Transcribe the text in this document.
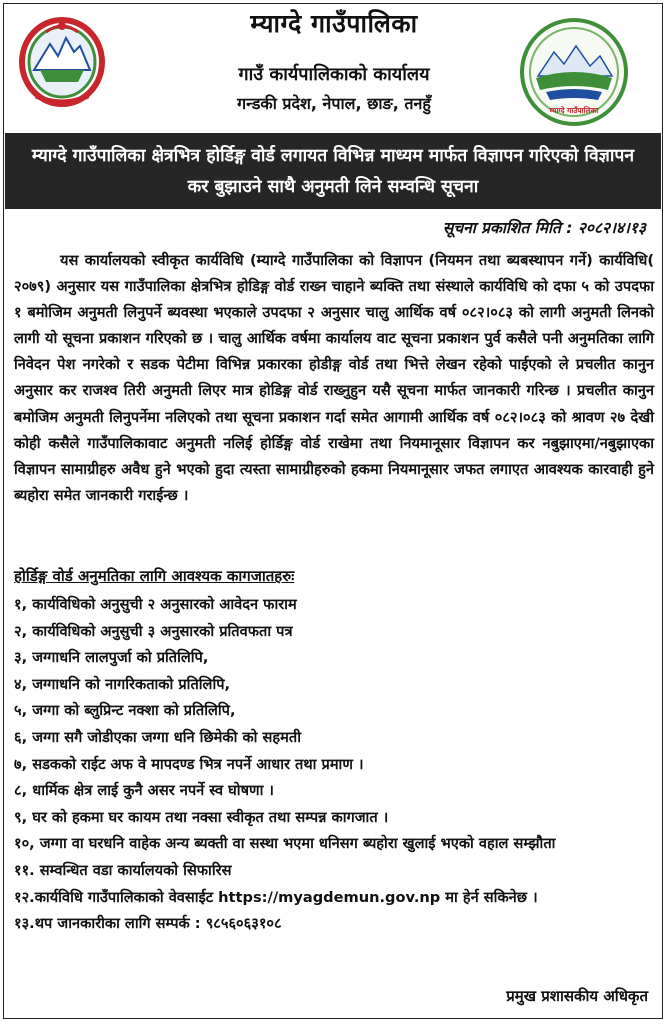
म्याग्दे गाउँपालिका
गाउँ कार्यपालिकाको कार्यालय
गन्डकी प्रदेश, नेपाल, छाङ, तनहुँ	म्याग्दे गाउँपालिका
म्याग्दे गाउँपालिका क्षेत्रभित्र होर्डिङ्ग वोर्ड लगायत विभिन्न माध्यम मार्फत विज्ञापन गरिएको विज्ञापन कर बुझाउने साथै अनुमती लिने सम्वन्धि सूचना
सूचना प्रकाशित मिति : २०८२।४।१३
यस कार्यालयको स्वीकृत कार्यविधि (म्याग्दे गाउँपालिका को विज्ञापन (नियमन तथा ब्यबस्थापन गर्ने) कार्यविधि( २०७९) अनुसार यस गाउँपालिका क्षेत्रभित्र होडिङ्ग वोर्ड राख्न चाहाने ब्यक्ति तथा संस्थाले कार्यविधि को दफा ५ को उपदफा १ बमोजिम अनुमती लिनुपर्ने ब्यवस्था भएकाले उपदफा २ अनुसार चालु आर्थिक वर्ष ०८२।०८३ को लागी अनुमती लिनको लागी यो सूचना प्रकाशन गरिएको छ । चालु आर्थिक वर्षमा कार्यालय वाट सूचना प्रकाशन पुर्व कसैले पनी अनुमतिका लागि निवेदन पेश नगरेको र सडक पेटीमा विभिन्न प्रकारका होडीङ्ग वोर्ड तथा भित्ते लेखन रहेको पाईएको ले प्रचलीत कानुन अनुसार कर राजश्व तिरी अनुमती लिएर मात्र होडिङ्ग वोर्ड राख्नुहुन यसै सूचना मार्फत जानकारी गरिन्छ । प्रचलीत कानुन बमोजिम अनुमती लिनुपर्नेमा नलिएको तथा सूचना प्रकाशन गर्दा समेत आगामी आर्थिक वर्ष ०८२।०८३ को श्रावण २७ देखी कोही कसैले गाउँपालिकावाट अनुमती नलिई होर्डिङ्ग वोर्ड राखेमा तथा नियमानूसार विज्ञापन कर नबुझाएमा/नबुझाएका विज्ञापन सामाग्रीहरु अवैध हुने भएको हुदा त्यस्ता सामाग्रीहरुको हकमा नियमानूसार जफत लगाएत आवश्यक कारवाही हुने ब्यहोरा समेत जानकारी गराईन्छ ।
होर्डिङ्ग वोर्ड अनुमतिका लागि आवश्यक कागजातहरुः
१, कार्यविधिको अनुसुची २ अनुसारको आवेदन फाराम
२, कार्यविधिको अनुसुची ३ अनुसारको प्रतिवफता पत्र
३, जग्गाधनि लालपुर्जा को प्रतिलिपि,
४, जग्गाधनि को नागरिकताको प्रतिलिपि,
५, जग्गा को ब्लुप्रिन्ट नक्शा को प्रतिलिपि,
६, जग्गा सगै जोडीएका जग्गा धनि छिमेकी को सहमती
७, सडकको राईट अफ वे मापदण्ड भित्र नपर्ने आधार तथा प्रमाण ।
८, धार्मिक क्षेत्र लाई कुनै असर नपर्ने स्व घोषणा ।
९, घर को हकमा घर कायम तथा नक्सा स्वीकृत तथा सम्पन्न कागजात ।
१०, जग्गा वा घरधनि वाहेक अन्य ब्यक्ती वा सस्था भएमा धनिसग ब्यहोरा खुलाई भएको वहाल सम्झौता
११. सम्वन्धित वडा कार्यालयको सिफारिस
१२.कार्यविधि गाउँपालिकाको वेवसाईट https://myagdemun.gov.np मा हेर्न सकिनेछ ।
१३.थप जानकारीका लागि सम्पर्क : ९८५६०६३१०८
प्रमुख प्रशासकीय अधिकृत
